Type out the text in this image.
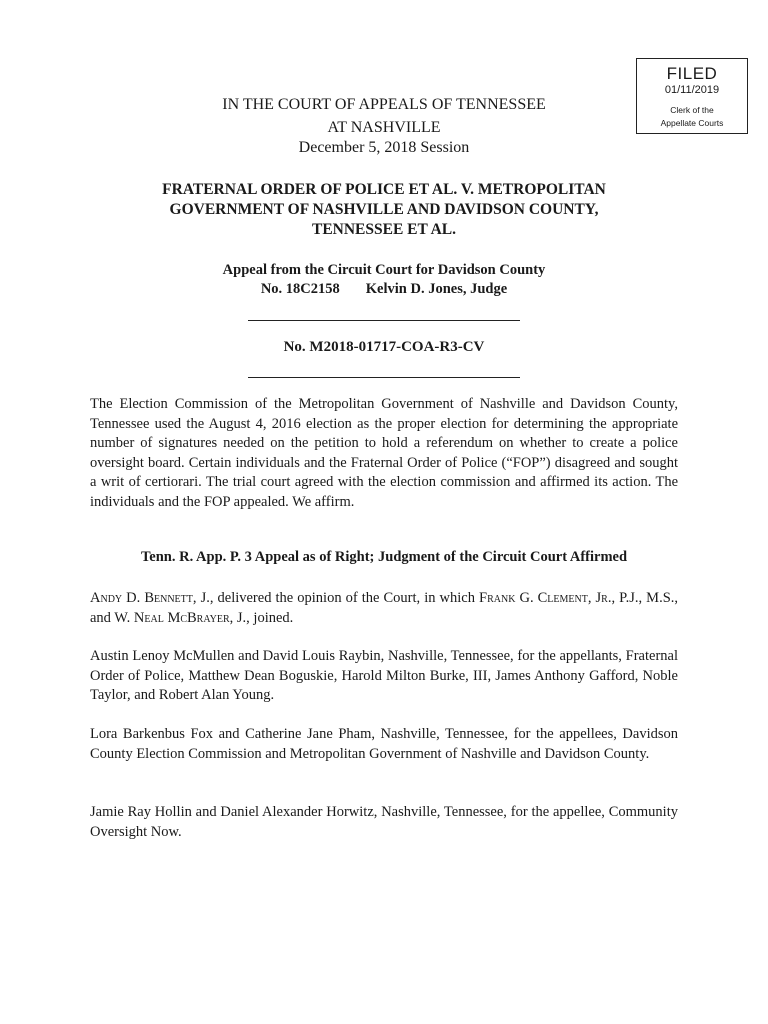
FILED
01/11/2019
Clerk of the
Appellate Courts
IN THE COURT OF APPEALS OF TENNESSEE
AT NASHVILLE
December 5, 2018 Session
FRATERNAL ORDER OF POLICE ET AL. V. METROPOLITAN
GOVERNMENT OF NASHVILLE AND DAVIDSON COUNTY,
TENNESSEE ET AL.
Appeal from the Circuit Court for Davidson County
No. 18C2158 Kelvin D. Jones, Judge
No. M2018-01717-COA-R3-CV

The Election Commission of the Metropolitan Government of Nashville and Davidson County, Tennessee used the August 4, 2016 election as the proper election for determining the appropriate number of signatures needed on the petition to hold a referendum on whether to create a police oversight board. Certain individuals and the Fraternal Order of Police (“FOP”) disagreed and sought a writ of certiorari. The trial court agreed with the election commission and affirmed its action. The individuals and the FOP appealed. We affirm.

Tenn. R. App. P. 3 Appeal as of Right; Judgment of the Circuit Court Affirmed

Andy D. Bennett, J., delivered the opinion of the Court, in which Frank G. Clement, Jr., P.J., M.S., and W. Neal McBrayer, J., joined.

Austin Lenoy McMullen and David Louis Raybin, Nashville, Tennessee, for the appellants, Fraternal Order of Police, Matthew Dean Boguskie, Harold Milton Burke, III, James Anthony Gafford, Noble Taylor, and Robert Alan Young.

Lora Barkenbus Fox and Catherine Jane Pham, Nashville, Tennessee, for the appellees, Davidson County Election Commission and Metropolitan Government of Nashville and Davidson County.

Jamie Ray Hollin and Daniel Alexander Horwitz, Nashville, Tennessee, for the appellee, Community Oversight Now.
